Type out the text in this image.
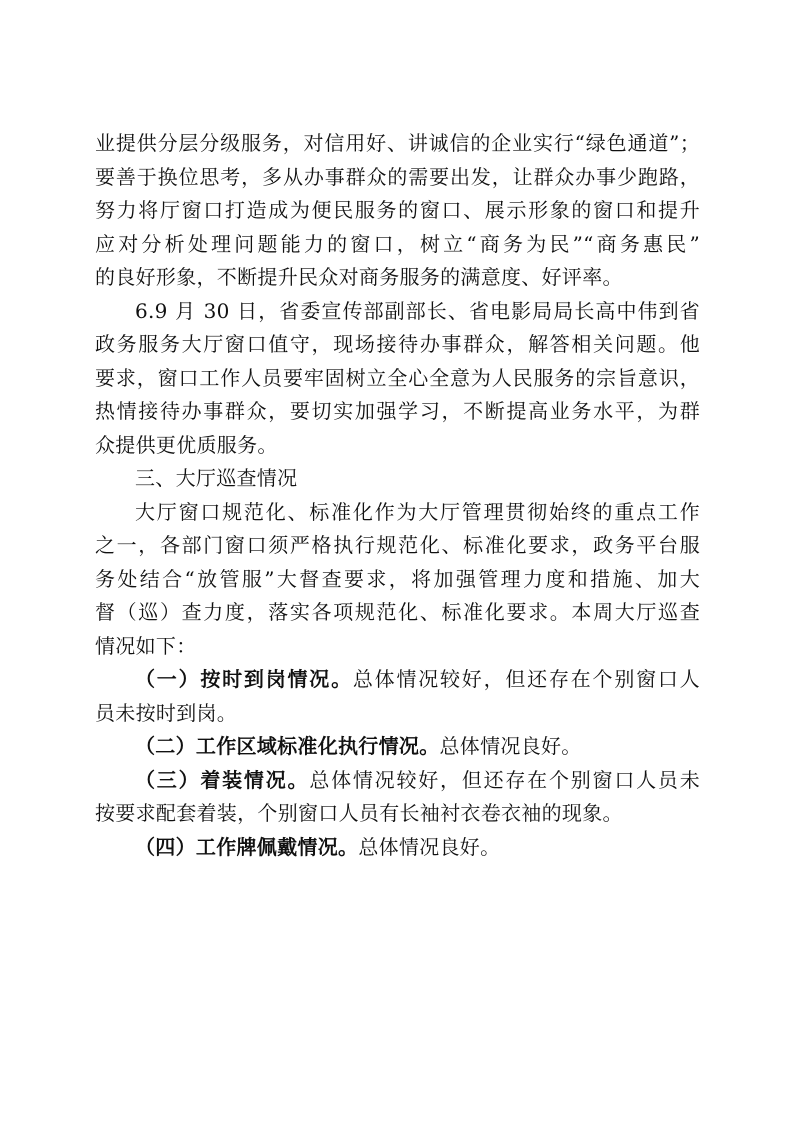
业提供分层分级服务，对信用好、讲诚信的企业实行“绿色通道”；
要善于换位思考，多从办事群众的需要出发，让群众办事少跑路，
努力将厅窗口打造成为便民服务的窗口、展示形象的窗口和提升
应对分析处理问题能力的窗口，树立“商务为民”“商务惠民”
的良好形象，不断提升民众对商务服务的满意度、好评率。
6.9 月 30 日，省委宣传部副部长、省电影局局长高中伟到省
政务服务大厅窗口值守，现场接待办事群众，解答相关问题。他
要求，窗口工作人员要牢固树立全心全意为人民服务的宗旨意识，
热情接待办事群众，要切实加强学习，不断提高业务水平，为群
众提供更优质服务。
三、大厅巡查情况
大厅窗口规范化、标准化作为大厅管理贯彻始终的重点工作
之一，各部门窗口须严格执行规范化、标准化要求，政务平台服
务处结合“放管服”大督查要求，将加强管理力度和措施、加大
督（巡）查力度，落实各项规范化、标准化要求。本周大厅巡查
情况如下：
（一）按时到岗情况。总体情况较好，但还存在个别窗口人
员未按时到岗。
（二）工作区域标准化执行情况。总体情况良好。
（三）着装情况。总体情况较好，但还存在个别窗口人员未
按要求配套着装，个别窗口人员有长袖衬衣卷衣袖的现象。
（四）工作牌佩戴情况。总体情况良好。
